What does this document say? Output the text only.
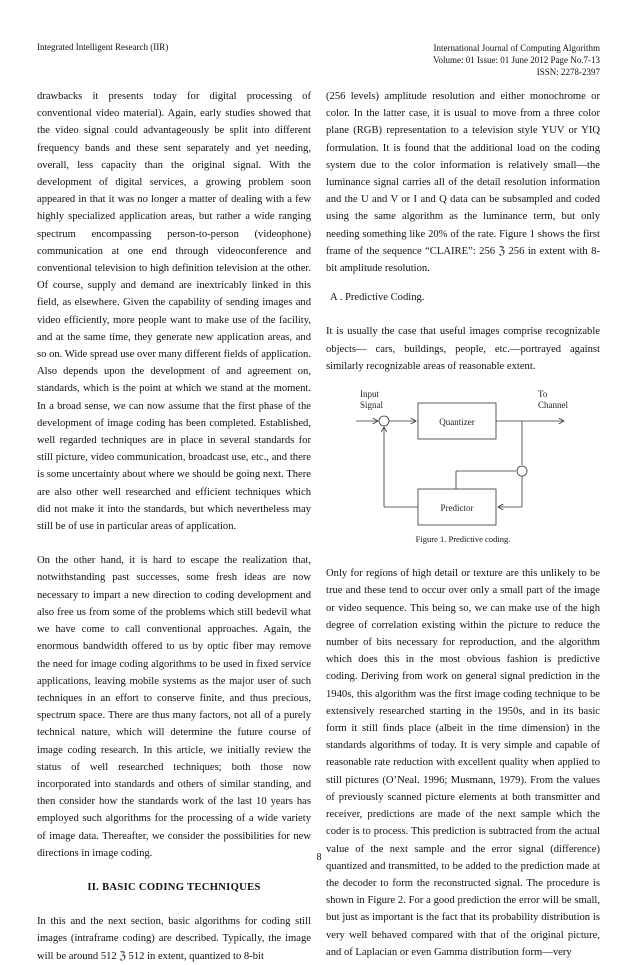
Integrated Intelligent Research (IIR)	International Journal of Computing Algorithm
Volume: 01 Issue: 01 June 2012 Page No.7-13
ISSN: 2278-2397

drawbacks it presents today for digital processing of conventional video material). Again, early studies showed that the video signal could advantageously be split into different frequency bands and these sent separately and yet needing, overall, less capacity than the original signal. With the development of digital services, a growing problem soon appeared in that it was no longer a matter of dealing with a few highly specialized application areas, but rather a wide ranging spectrum encompassing person-to-person (videophone) communication at one end through videoconference and conventional television to high definition television at the other. Of course, supply and demand are inextricably linked in this field, as elsewhere. Given the capability of sending images and video efficiently, more people want to make use of the facility, and at the same time, they generate new application areas, and so on. Wide spread use over many different fields of application. Also depends upon the development of and agreement on, standards, which is the point at which we stand at the moment. In a broad sense, we can now assume that the first phase of the development of image coding has been completed. Established, well regarded techniques are in place in several standards for still picture, video communication, broadcast use, etc., and there is some uncertainty about where we should be going next. There are also other well researched and efficient techniques which did not make it into the standards, but which nevertheless may still be of use in particular areas of application.

On the other hand, it is hard to escape the realization that, notwithstanding past successes, some fresh ideas are now necessary to impart a new direction to coding development and also free us from some of the problems which still bedevil what we have come to call conventional approaches. Again, the enormous bandwidth offered to us by optic fiber may remove the need for image coding algorithms to be used in fixed service applications, leaving mobile systems as the major user of such techniques in an effort to conserve finite, and thus precious, spectrum space. There are thus many factors, not all of a purely technical nature, which will determine the future course of image coding research. In this article, we initially review the status of well researched techniques; both those now incorporated into standards and others of similar standing, and then consider how the standards work of the last 10 years has employed such algorithms for the processing of a wide variety of image data. Thereafter, we consider the possibilities for new directions in image coding.

II. BASIC CODING TECHNIQUES

In this and the next section, basic algorithms for coding still images (intraframe coding) are described. Typically, the image will be around 512 ℨ 512 in extent, quantized to 8-bit

(256 levels) amplitude resolution and either monochrome or color. In the latter case, it is usual to move from a three color plane (RGB) representation to a television style YUV or YIQ formulation. It is found that the additional load on the coding system due to the color information is relatively small—the luminance signal carries all of the detail resolution information and the U and V or I and Q data can be subsampled and coded using the same algorithm as the luminance term, but only needing something like 20% of the rate. Figure 1 shows the first frame of the sequence “CLAIRE”: 256 ℨ 256 in extent with 8-bit amplitude resolution.

A . Predictive Coding.

It is usually the case that useful images comprise recognizable objects— cars, buildings, people, etc.—portrayed against similarly recognizable areas of reasonable extent.

Input
Signal
To
Channel
Quantizer
Predictor

Figure 1. Predictive coding.

Only for regions of high detail or texture are this unlikely to be true and these tend to occur over only a small part of the image or video sequence. This being so, we can make use of the high degree of correlation existing within the picture to reduce the number of bits necessary for reproduction, and the algorithm which does this in the most obvious fashion is predictive coding. Deriving from work on general signal prediction in the 1940s, this algorithm was the first image coding technique to be extensively researched starting in the 1950s, and in its basic form it still finds place (albeit in the time dimension) in the standards algorithms of today. It is very simple and capable of reasonable rate reduction with excellent quality when applied to still pictures (O’Neal. 1996; Musmann, 1979). From the values of previously scanned picture elements at both transmitter and receiver, predictions are made of the next sample which the coder is to process. This prediction is subtracted from the actual value of the next sample and the error signal (difference) quantized and transmitted, to be added to the prediction made at the decoder to form the reconstructed signal. The procedure is shown in Figure 2. For a good prediction the error will be small, but just as important is the fact that its probability distribution is very well behaved compared with that of the original picture, and of Laplacian or even Gamma distribution form—very

8
